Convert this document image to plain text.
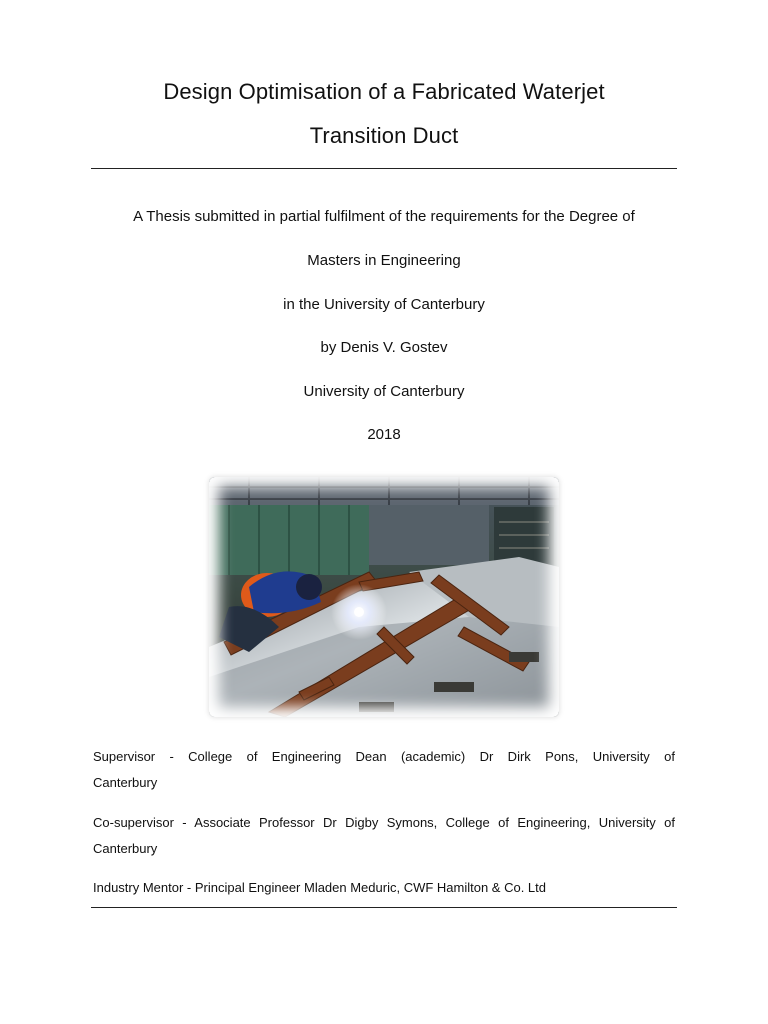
Design Optimisation of a Fabricated Waterjet
Transition Duct
A Thesis submitted in partial fulfilment of the requirements for the Degree of
Masters in Engineering
in the University of Canterbury
by Denis V. Gostev
University of Canterbury
2018
Supervisor - College of Engineering Dean (academic) Dr Dirk Pons, University of
Canterbury
Co-supervisor - Associate Professor Dr Digby Symons, College of Engineering, University of
Canterbury
Industry Mentor - Principal Engineer Mladen Meduric, CWF Hamilton & Co. Ltd
